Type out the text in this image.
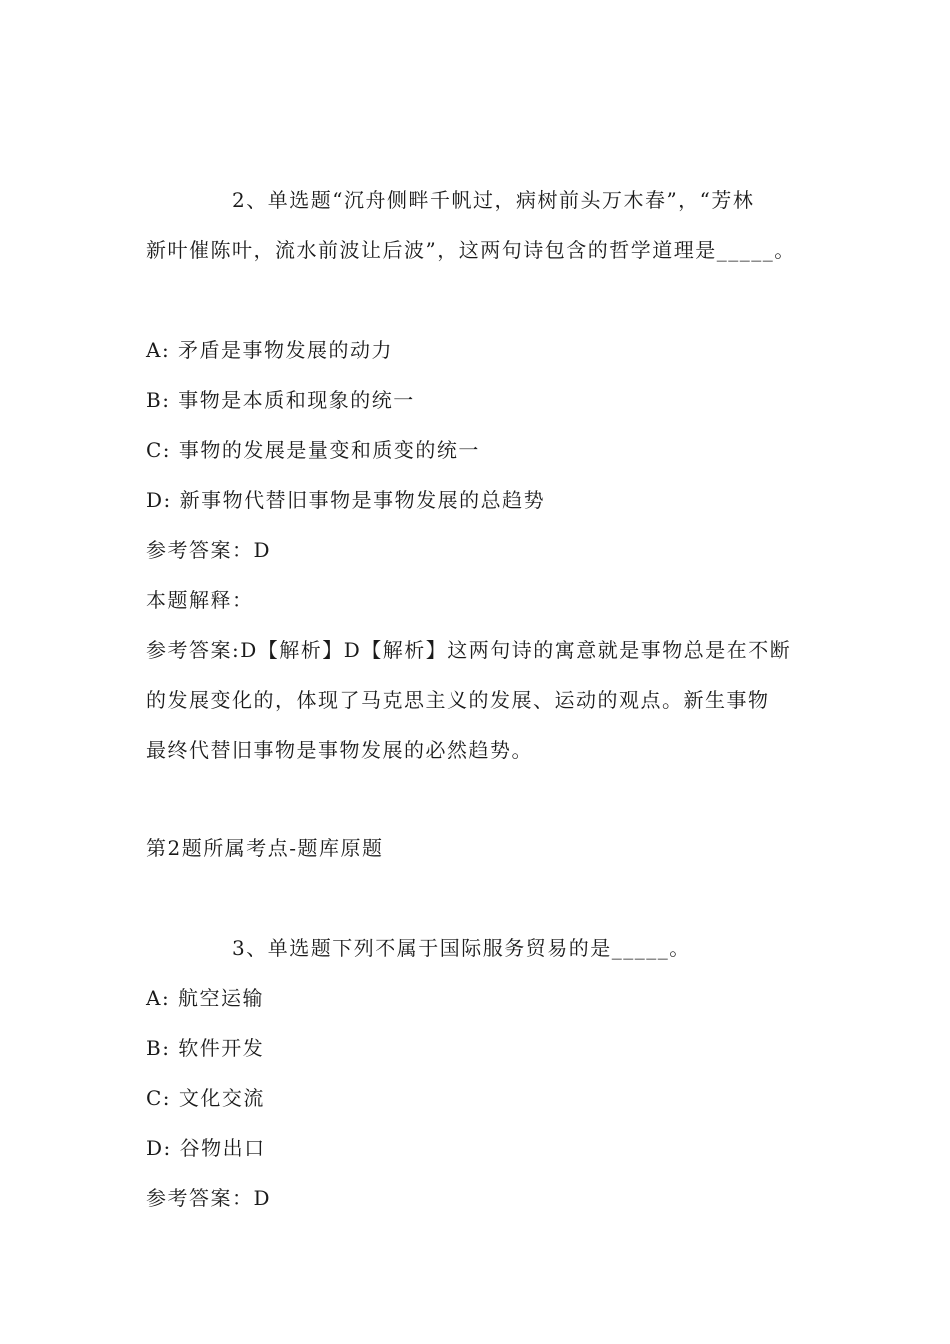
2、单选题“沉舟侧畔千帆过，病树前头万木春”，“芳林
新叶催陈叶，流水前波让后波”，这两句诗包含的哲学道理是_____。
A: 矛盾是事物发展的动力
B: 事物是本质和现象的统一
C: 事物的发展是量变和质变的统一
D: 新事物代替旧事物是事物发展的总趋势
参考答案：D
本题解释：
参考答案:D【解析】D【解析】这两句诗的寓意就是事物总是在不断
的发展变化的，体现了马克思主义的发展、运动的观点。新生事物
最终代替旧事物是事物发展的必然趋势。
第2题所属考点-题库原题
3、单选题下列不属于国际服务贸易的是_____。
A: 航空运输
B: 软件开发
C: 文化交流
D: 谷物出口
参考答案：D
